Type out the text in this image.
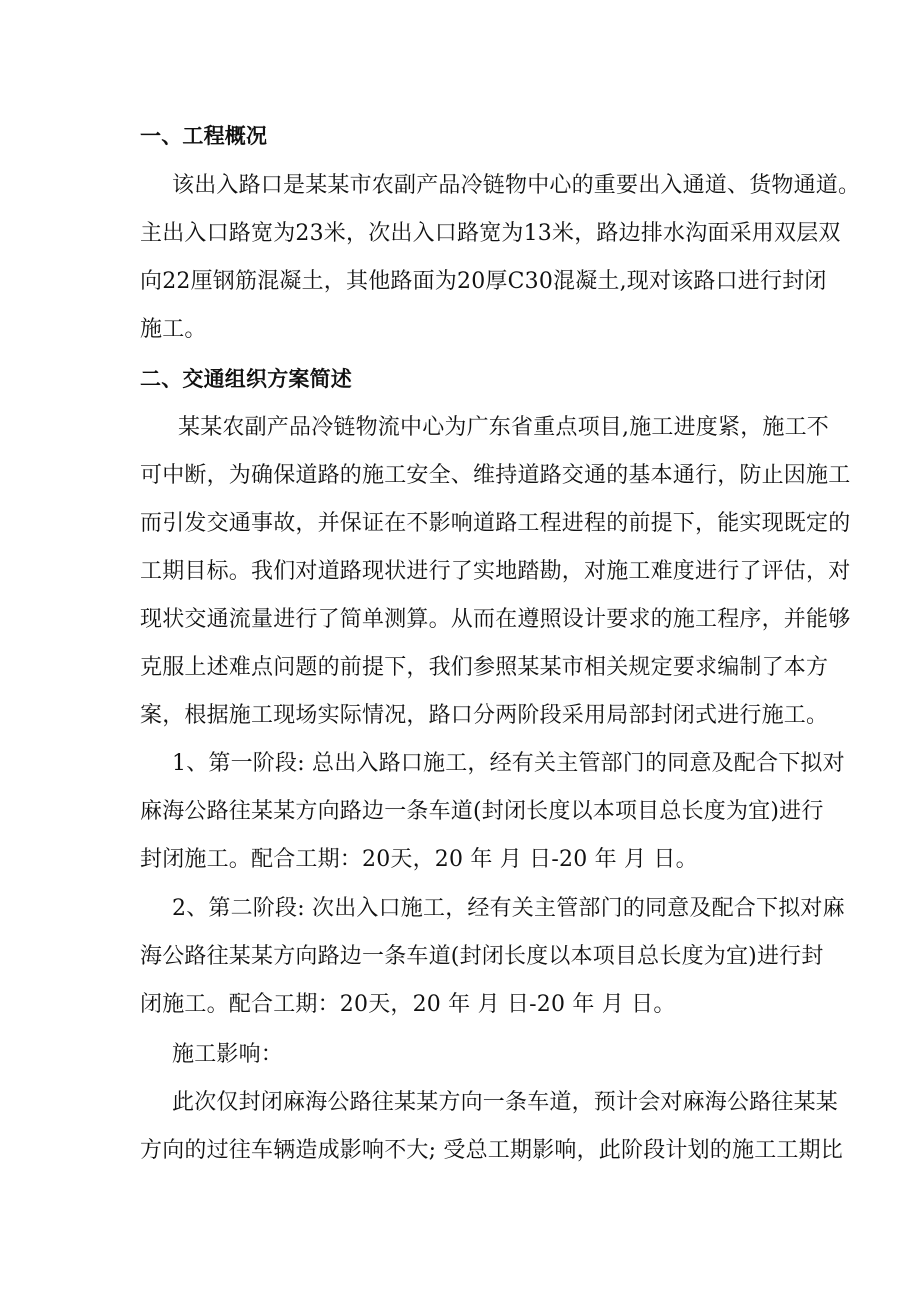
一、工程概况
该出入路口是某某市农副产品冷链物中心的重要出入通道、货物通道。
主出入口路宽为23米，次出入口路宽为13米，路边排水沟面采用双层双
向22厘钢筋混凝土，其他路面为20厚C30混凝土,现对该路口进行封闭
施工。
二、交通组织方案简述
某某农副产品冷链物流中心为广东省重点项目,施工进度紧，施工不
可中断，为确保道路的施工安全、维持道路交通的基本通行，防止因施工
而引发交通事故，并保证在不影响道路工程进程的前提下，能实现既定的
工期目标。我们对道路现状进行了实地踏勘，对施工难度进行了评估，对
现状交通流量进行了简单测算。从而在遵照设计要求的施工程序，并能够
克服上述难点问题的前提下，我们参照某某市相关规定要求编制了本方
案，根据施工现场实际情况，路口分两阶段采用局部封闭式进行施工。
1、第一阶段: 总出入路口施工，经有关主管部门的同意及配合下拟对
麻海公路往某某方向路边一条车道(封闭长度以本项目总长度为宜)进行
封闭施工。配合工期：20天，20 年 月 日-20 年 月 日。
2、第二阶段: 次出入口施工，经有关主管部门的同意及配合下拟对麻
海公路往某某方向路边一条车道(封闭长度以本项目总长度为宜)进行封
闭施工。配合工期：20天，20 年 月 日-20 年 月 日。
施工影响：
此次仅封闭麻海公路往某某方向一条车道，预计会对麻海公路往某某
方向的过往车辆造成影响不大; 受总工期影响，此阶段计划的施工工期比
